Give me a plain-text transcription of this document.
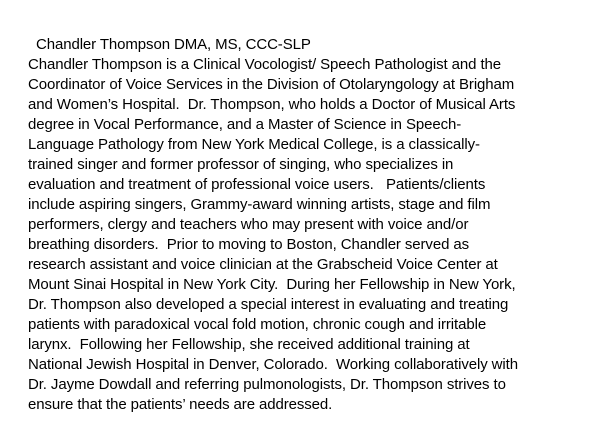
Chandler Thompson DMA, MS, CCC-SLP
Chandler Thompson is a Clinical Vocologist/ Speech Pathologist and the
Coordinator of Voice Services in the Division of Otolaryngology at Brigham
and Women’s Hospital.  Dr. Thompson, who holds a Doctor of Musical Arts
degree in Vocal Performance, and a Master of Science in Speech-
Language Pathology from New York Medical College, is a classically-
trained singer and former professor of singing, who specializes in
evaluation and treatment of professional voice users.   Patients/clients
include aspiring singers, Grammy-award winning artists, stage and film
performers, clergy and teachers who may present with voice and/or
breathing disorders.  Prior to moving to Boston, Chandler served as
research assistant and voice clinician at the Grabscheid Voice Center at
Mount Sinai Hospital in New York City.  During her Fellowship in New York,
Dr. Thompson also developed a special interest in evaluating and treating
patients with paradoxical vocal fold motion, chronic cough and irritable
larynx.  Following her Fellowship, she received additional training at
National Jewish Hospital in Denver, Colorado.  Working collaboratively with
Dr. Jayme Dowdall and referring pulmonologists, Dr. Thompson strives to
ensure that the patients’ needs are addressed.
